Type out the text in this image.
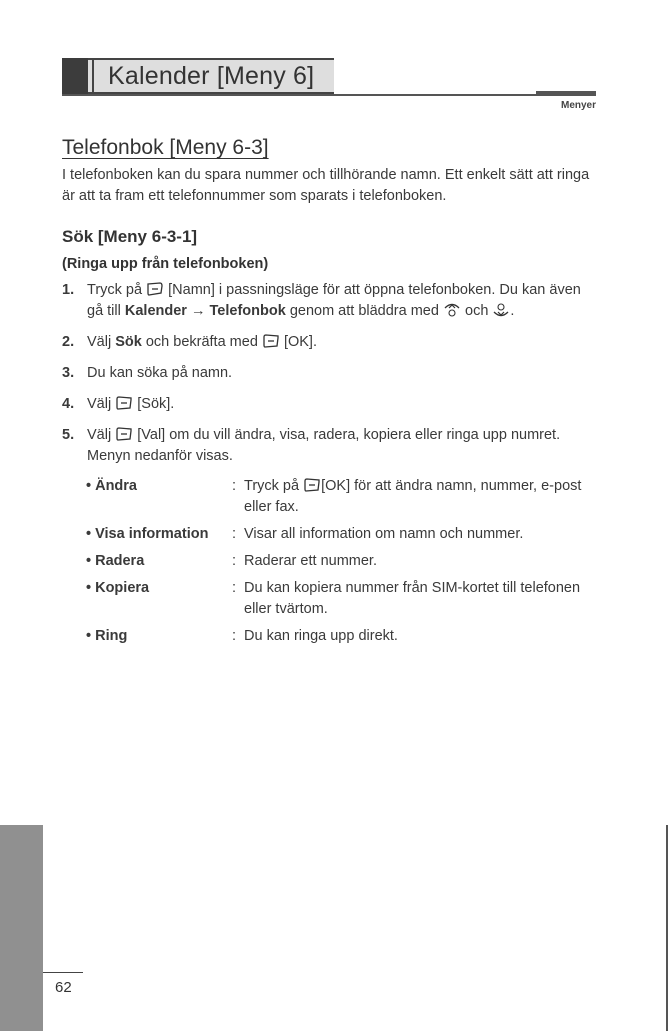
Kalender [Meny 6]
Menyer
Telefonbok [Meny 6-3]
I telefonboken kan du spara nummer och tillhörande namn. Ett enkelt sätt att ringa är att ta fram ett telefonnummer som sparats i telefonboken.
Sök [Meny 6-3-1]
(Ringa upp från telefonboken)
1. Tryck på [Namn] i passningsläge för att öppna telefonboken. Du kan även gå till Kalender → Telefonbok genom att bläddra med och .
2. Välj Sök och bekräfta med [OK].
3. Du kan söka på namn.
4. Välj [Sök].
5. Välj [Val] om du vill ändra, visa, radera, kopiera eller ringa upp numret. Menyn nedanför visas.
• Ändra	: Tryck på [OK] för att ändra namn, nummer, e-post eller fax.
• Visa information : Visar all information om namn och nummer.
• Radera	: Raderar ett nummer.
• Kopiera	: Du kan kopiera nummer från SIM-kortet till telefonen eller tvärtom.
• Ring	: Du kan ringa upp direkt.
62
